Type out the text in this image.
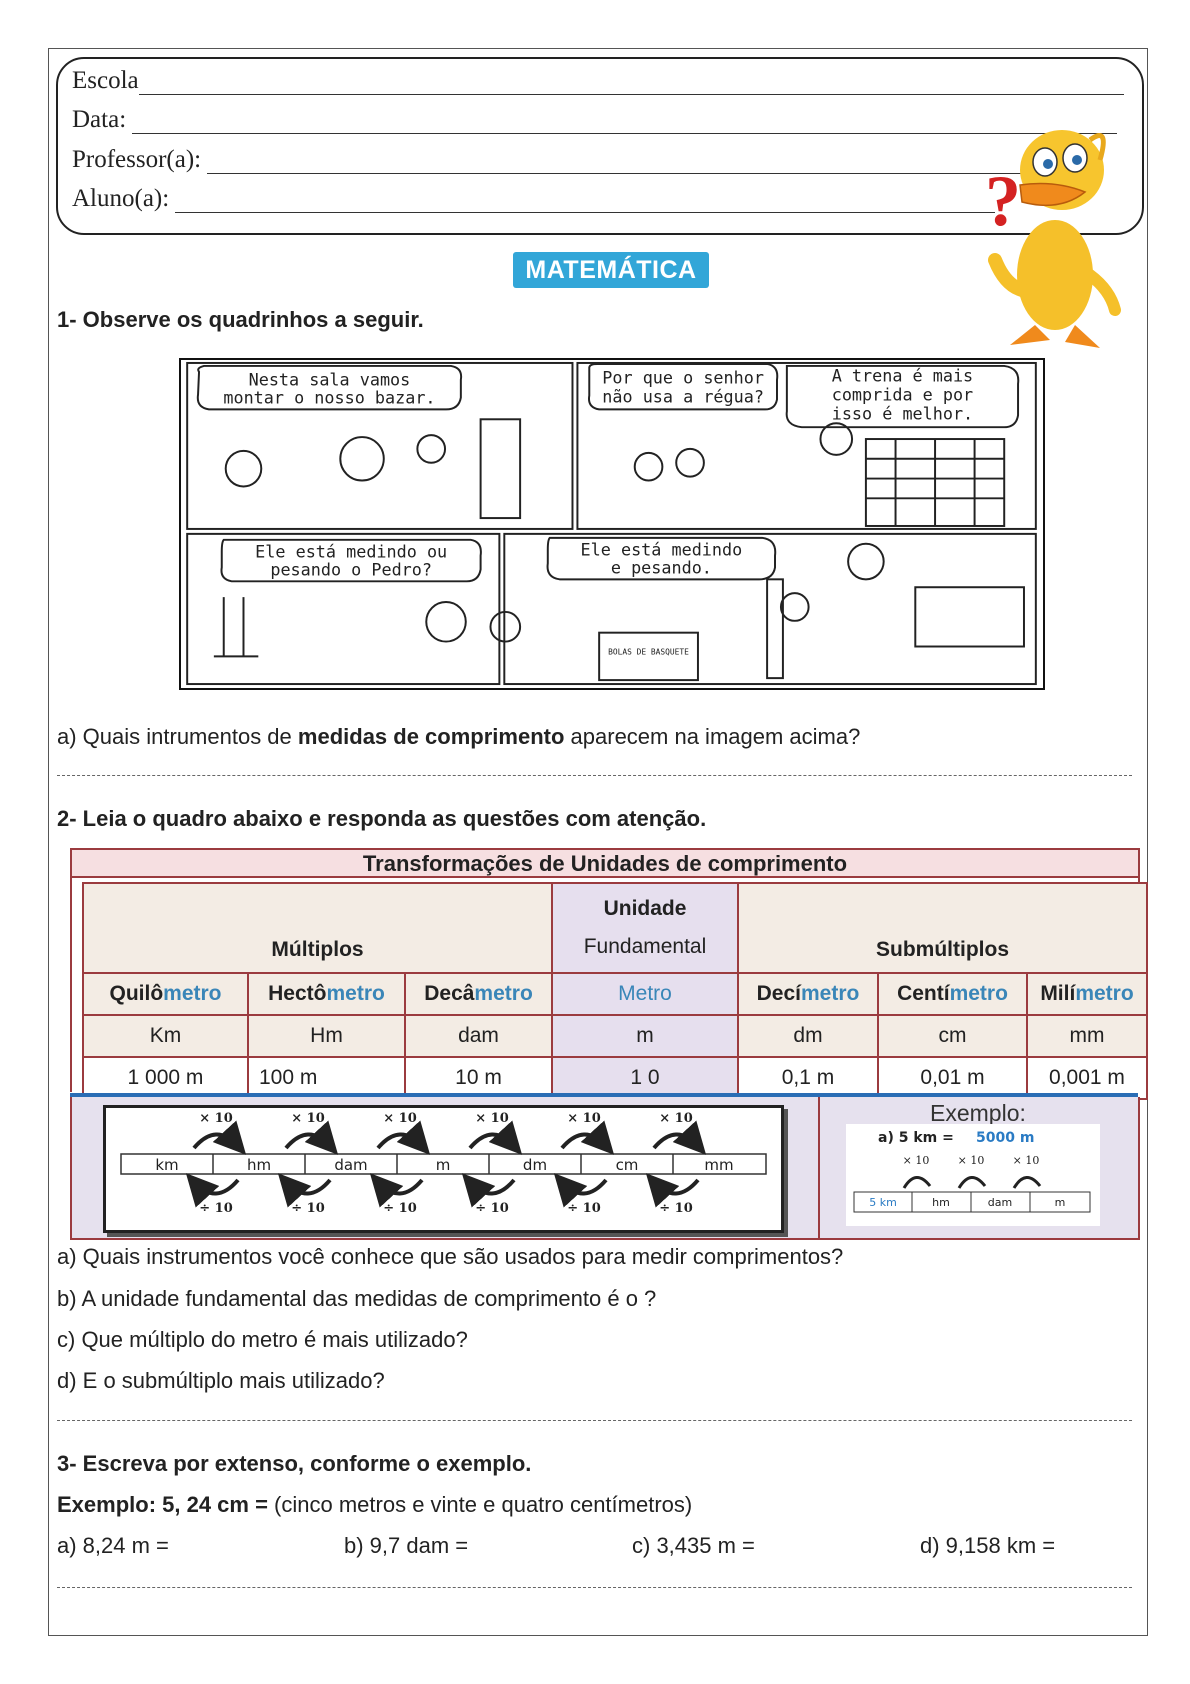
Escola
Data:
Professor(a):
Aluno(a):	?
MATEMÁTICA
1- Observe os quadrinhos a seguir.
Nesta sala vamos
montar o nosso bazar.
Por que o senhor
não usa a régua?
A trena é mais
comprida e por
isso é melhor.
Ele está medindo ou
pesando o Pedro?
Ele está medindo
e pesando.
BOLAS DE BASQUETE
a) Quais intrumentos de medidas de comprimento aparecem na imagem acima?
2- Leia o quadro abaixo e responda as questões com atenção.
Transformações de Unidades de comprimento
Múltiplos			Unidade
Fundamental	Submúltiplos		
Quilômetro	Hectômetro	Decâmetro	Metro	Decímetro	Centímetro	Milímetro
Km	Hm	dam	m	dm	cm	mm
1 000 m	100 m	10 m	1 0	0,1 m	0,01 m	0,001 m
km	hm	dam	m	dm	cm	mm
× 10	× 10	× 10	× 10	× 10	× 10
÷ 10	÷ 10	÷ 10	÷ 10	÷ 10	÷ 10
Exemplo:
a) 5 km = 5000 m
× 10	× 10	× 10
5 km	hm	dam	m
a) Quais instrumentos você conhece que são usados para medir comprimentos?
b) A unidade fundamental das medidas de comprimento é o ?
c) Que múltiplo do metro é mais utilizado?
d) E o submúltiplo mais utilizado?
3- Escreva por extenso, conforme o exemplo.
Exemplo: 5, 24 cm = (cinco metros e vinte e quatro centímetros)
a) 8,24 m =	b) 9,7 dam =	c) 3,435 m =	d) 9,158 km =
